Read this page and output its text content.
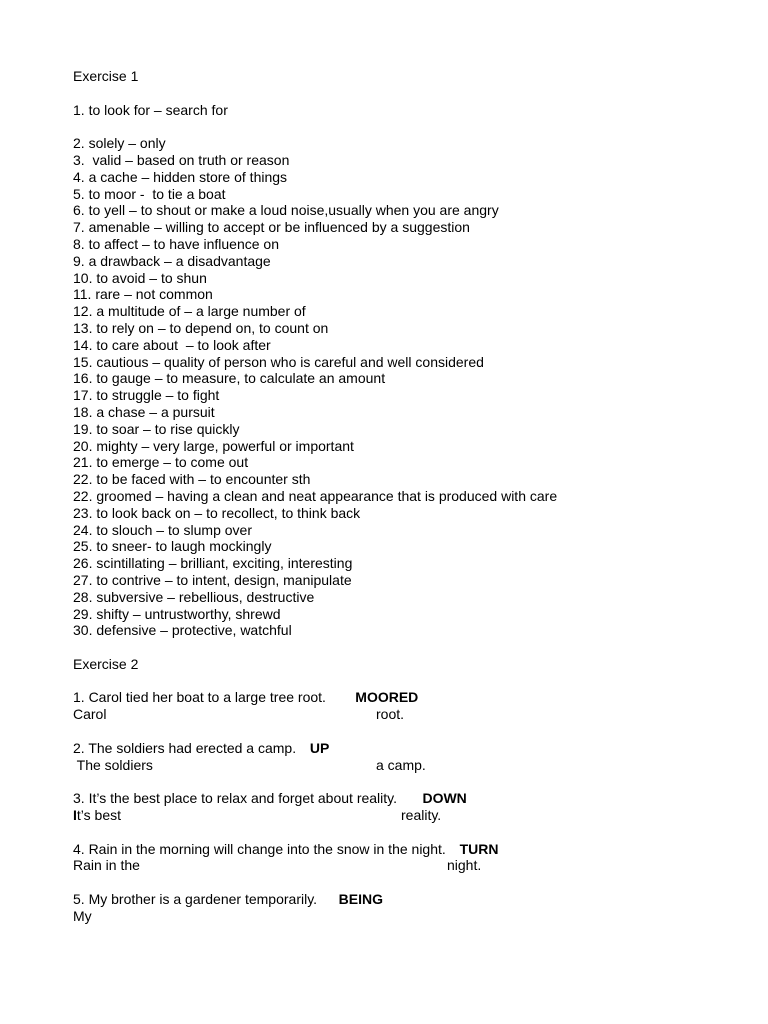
Exercise 1
1. to look for – search for
2. solely – only
3.  valid – based on truth or reason
4. a cache – hidden store of things
5. to moor -  to tie a boat
6. to yell – to shout or make a loud noise,usually when you are angry
7. amenable – willing to accept or be influenced by a suggestion
8. to affect – to have influence on
9. a drawback – a disadvantage
10. to avoid – to shun
11. rare – not common
12. a multitude of – a large number of
13. to rely on – to depend on, to count on
14. to care about  – to look after
15. cautious – quality of person who is careful and well considered
16. to gauge – to measure, to calculate an amount
17. to struggle – to fight
18. a chase – a pursuit
19. to soar – to rise quickly
20. mighty – very large, powerful or important
21. to emerge – to come out
22. to be faced with – to encounter sth
22. groomed – having a clean and neat appearance that is produced with care
23. to look back on – to recollect, to think back
24. to slouch – to slump over
25. to sneer- to laugh mockingly
26. scintillating – brilliant, exciting, interesting
27. to contrive – to intent, design, manipulate
28. subversive – rebellious, destructive
29. shifty – untrustworthy, shrewd
30. defensive – protective, watchful
Exercise 2
1. Carol tied her boat to a large tree root. MOORED
Carol	root.
2. The soldiers had erected a camp. UP
The soldiers	a camp.
3. It’s the best place to relax and forget about reality. DOWN
It’s best	reality.
4. Rain in the morning will change into the snow in the night. TURN
Rain in the	night.
5. My brother is a gardener temporarily. BEING
My
